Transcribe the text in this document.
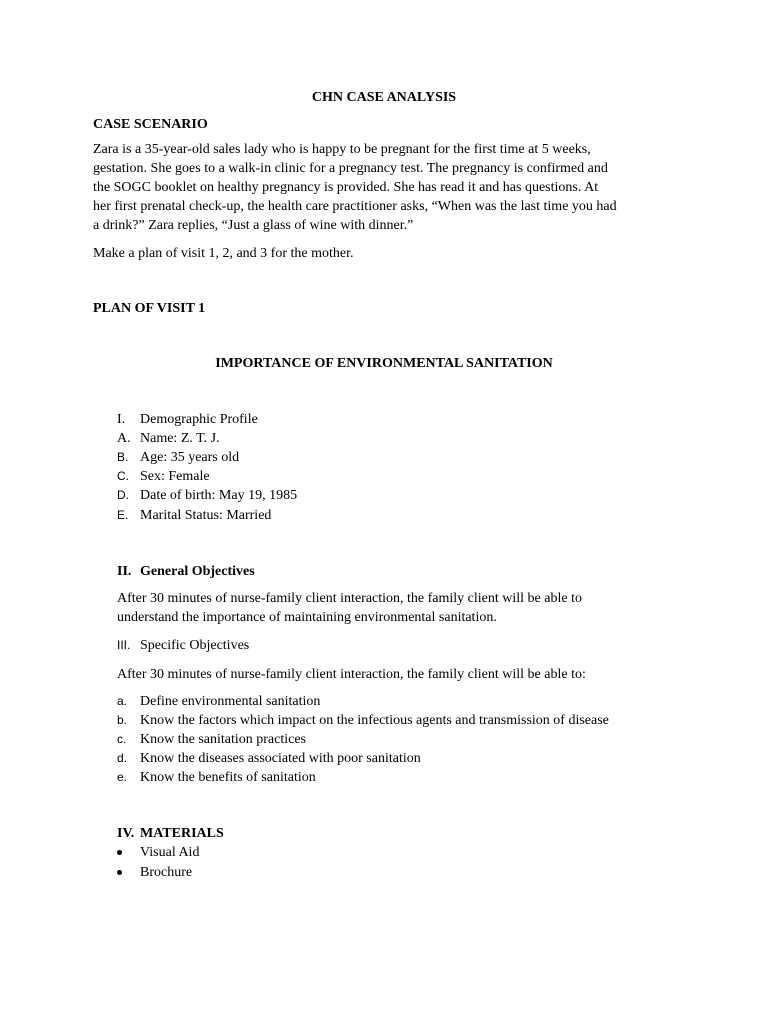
CHN CASE ANALYSIS
CASE SCENARIO
Zara is a 35-year-old sales lady who is happy to be pregnant for the first time at 5 weeks,
gestation. She goes to a walk-in clinic for a pregnancy test. The pregnancy is confirmed and
the SOGC booklet on healthy pregnancy is provided. She has read it and has questions. At
her first prenatal check-up, the health care practitioner asks, “When was the last time you had
a drink?” Zara replies, “Just a glass of wine with dinner.”
Make a plan of visit 1, 2, and 3 for the mother.
PLAN OF VISIT 1
IMPORTANCE OF ENVIRONMENTAL SANITATION
I. Demographic Profile
A. Name: Z. T. J.
B. Age: 35 years old
C. Sex: Female
D. Date of birth: May 19, 1985
E. Marital Status: Married
II. General Objectives
After 30 minutes of nurse-family client interaction, the family client will be able to
understand the importance of maintaining environmental sanitation.
III. Specific Objectives
After 30 minutes of nurse-family client interaction, the family client will be able to:
a. Define environmental sanitation
b. Know the factors which impact on the infectious agents and transmission of disease
c. Know the sanitation practices
d. Know the diseases associated with poor sanitation
e. Know the benefits of sanitation
IV. MATERIALS
Visual Aid
Brochure
